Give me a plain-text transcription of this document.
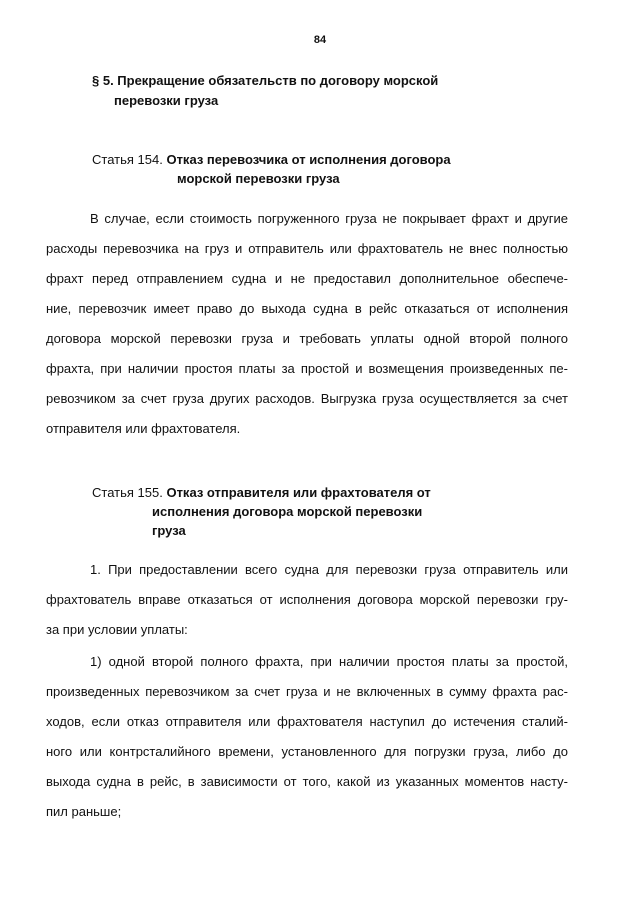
84
§ 5. Прекращение обязательств по договору морской
перевозки груза
Статья 154. Отказ перевозчика от исполнения договора
морской перевозки груза
В случае, если стоимость погруженного груза не покрывает фрахт и другие
расходы перевозчика на груз и отправитель или фрахтователь не внес полностью
фрахт перед отправлением судна и не предоставил дополнительное обеспече-
ние, перевозчик имеет право до выхода судна в рейс отказаться от исполнения
договора морской перевозки груза и требовать уплаты одной второй полного
фрахта, при наличии простоя платы за простой и возмещения произведенных пе-
ревозчиком за счет груза других расходов. Выгрузка груза осуществляется за счет
отправителя или фрахтователя.
Статья 155. Отказ отправителя или фрахтователя от
исполнения договора морской перевозки
груза
1. При предоставлении всего судна для перевозки груза отправитель или
фрахтователь вправе отказаться от исполнения договора морской перевозки гру-
за при условии уплаты:
1) одной второй полного фрахта, при наличии простоя платы за простой,
произведенных перевозчиком за счет груза и не включенных в сумму фрахта рас-
ходов, если отказ отправителя или фрахтователя наступил до истечения сталий-
ного или контрсталийного времени, установленного для погрузки груза, либо до
выхода судна в рейс, в зависимости от того, какой из указанных моментов насту-
пил раньше;
